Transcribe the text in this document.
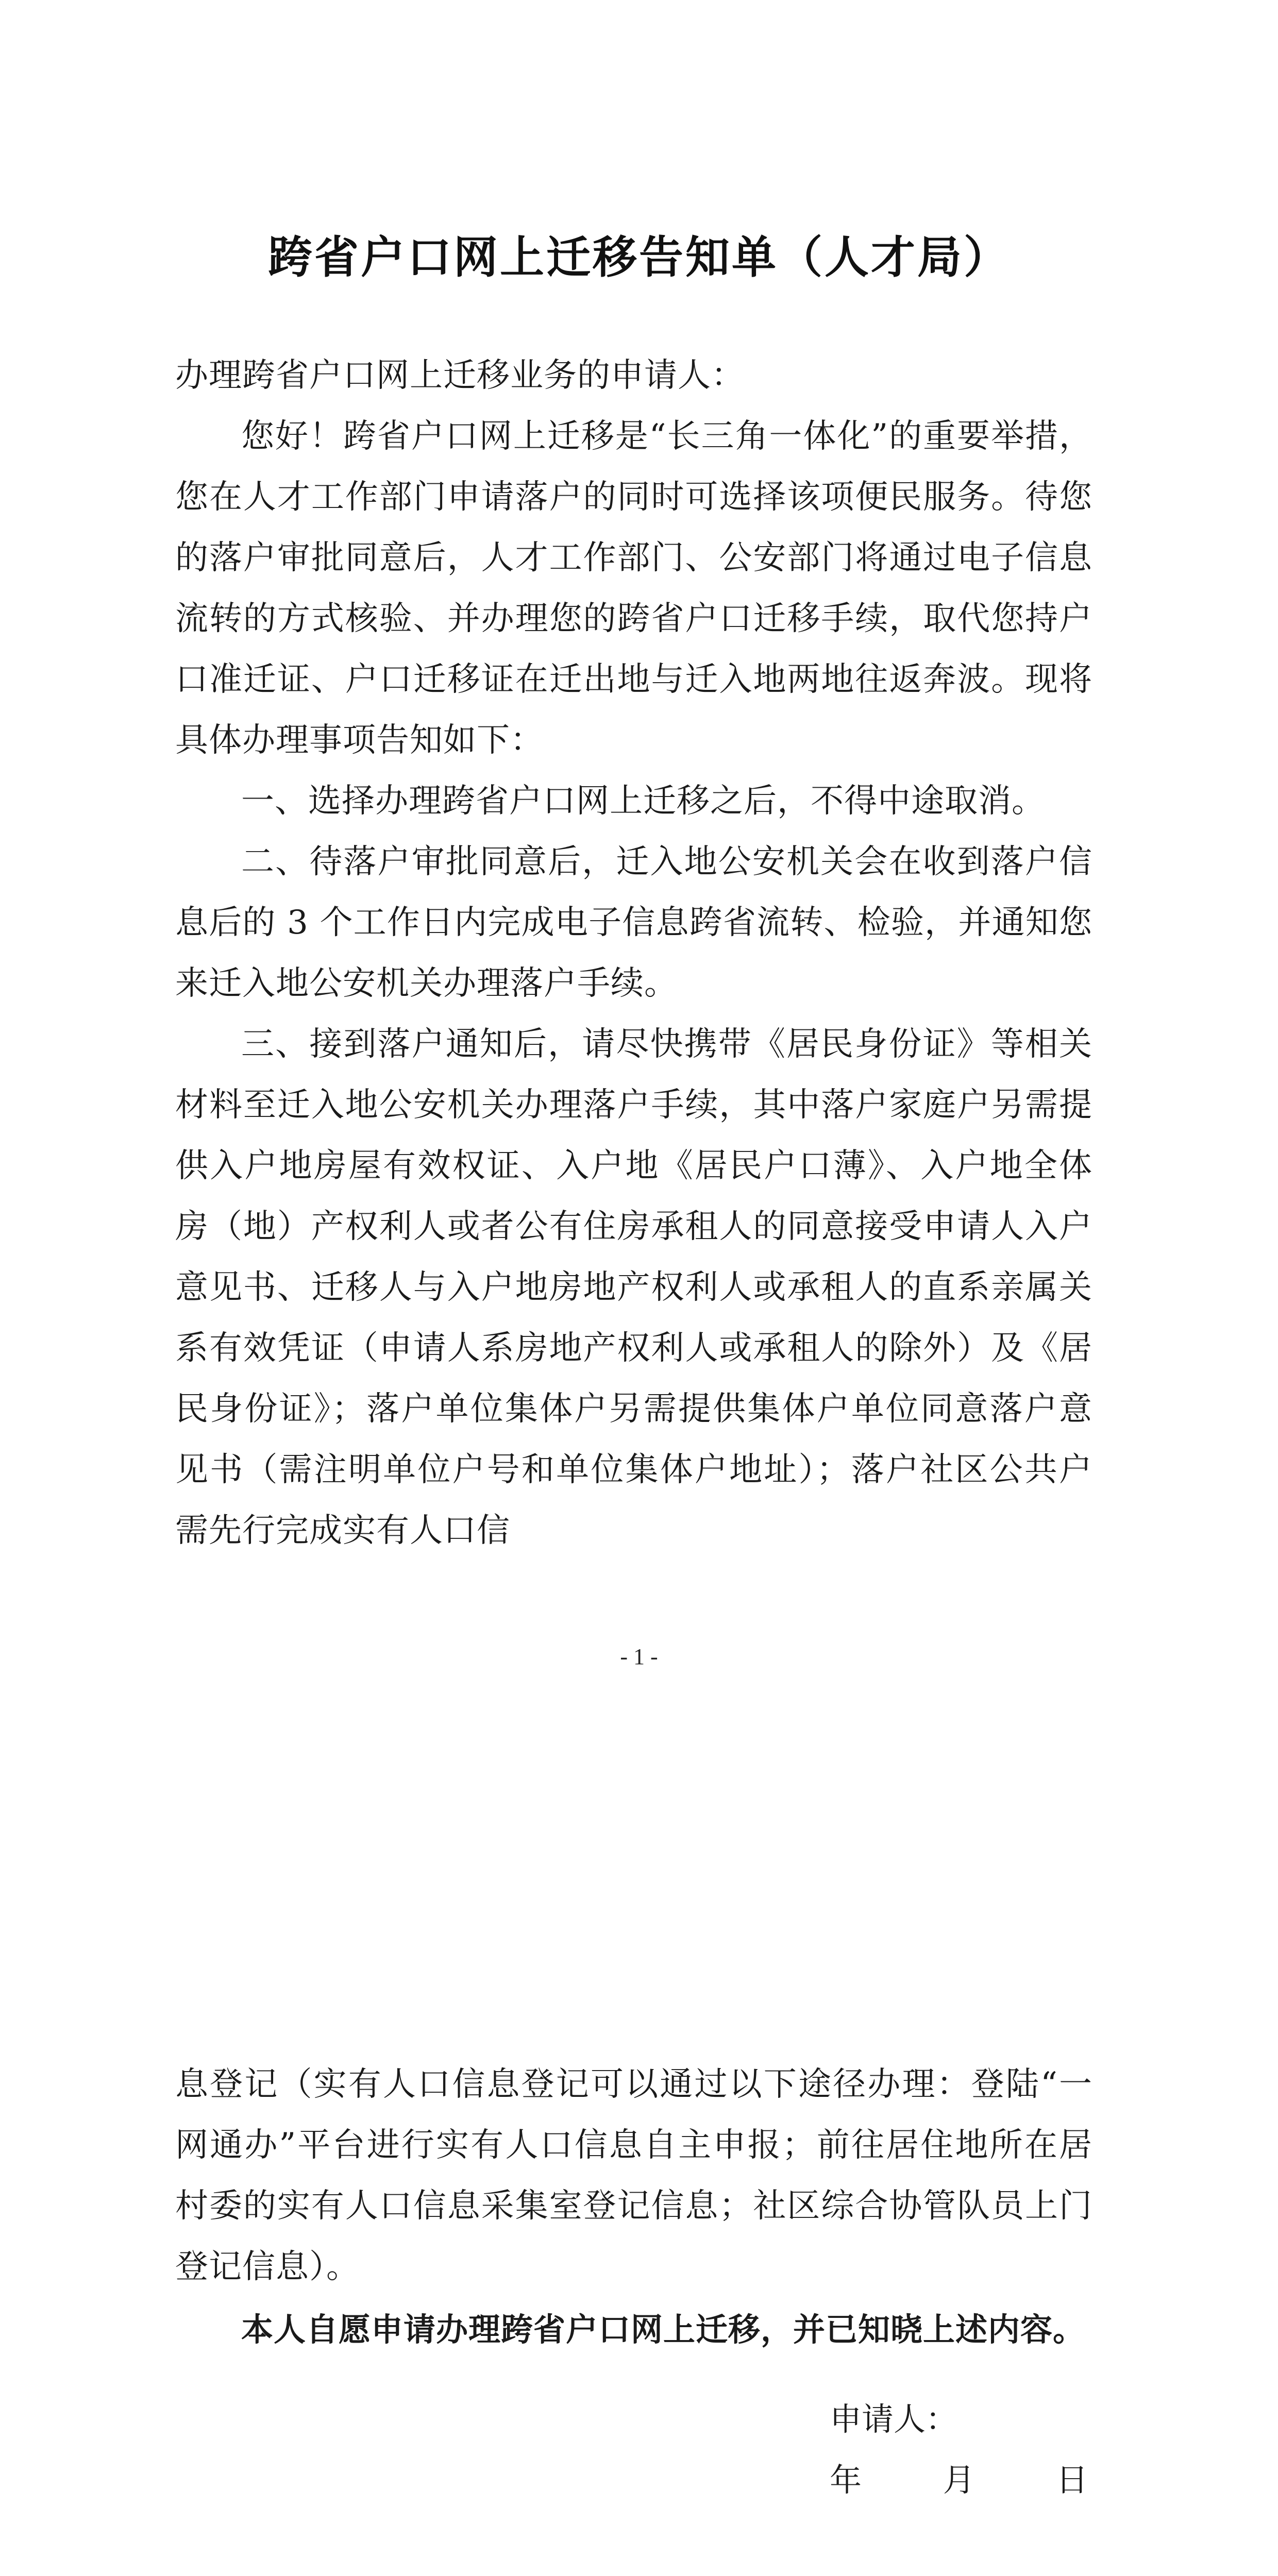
跨省户口网上迁移告知单（人才局）

办理跨省户口网上迁移业务的申请人：

您好！跨省户口网上迁移是“长三角一体化”的重要举措，您在人才工作部门申请落户的同时可选择该项便民服务。待您的落户审批同意后，人才工作部门、公安部门将通过电子信息流转的方式核验、并办理您的跨省户口迁移手续，取代您持户口准迁证、户口迁移证在迁出地与迁入地两地往返奔波。现将具体办理事项告知如下：

一、选择办理跨省户口网上迁移之后，不得中途取消。

二、待落户审批同意后，迁入地公安机关会在收到落户信息后的 3 个工作日内完成电子信息跨省流转、检验，并通知您来迁入地公安机关办理落户手续。

三、接到落户通知后，请尽快携带《居民身份证》等相关材料至迁入地公安机关办理落户手续，其中落户家庭户另需提供入户地房屋有效权证、入户地《居民户口薄》、入户地全体房（地）产权利人或者公有住房承租人的同意接受申请人入户意见书、迁移人与入户地房地产权利人或承租人的直系亲属关系有效凭证（申请人系房地产权利人或承租人的除外）及《居民身份证》；落户单位集体户另需提供集体户单位同意落户意见书（需注明单位户号和单位集体户地址）；落户社区公共户需先行完成实有人口信

- 1 -

息登记（实有人口信息登记可以通过以下途径办理：登陆“一网通办”平台进行实有人口信息自主申报；前往居住地所在居村委的实有人口信息采集室登记信息；社区综合协管队员上门登记信息）。

本人自愿申请办理跨省户口网上迁移，并已知晓上述内容。

申请人：

年	月	日
